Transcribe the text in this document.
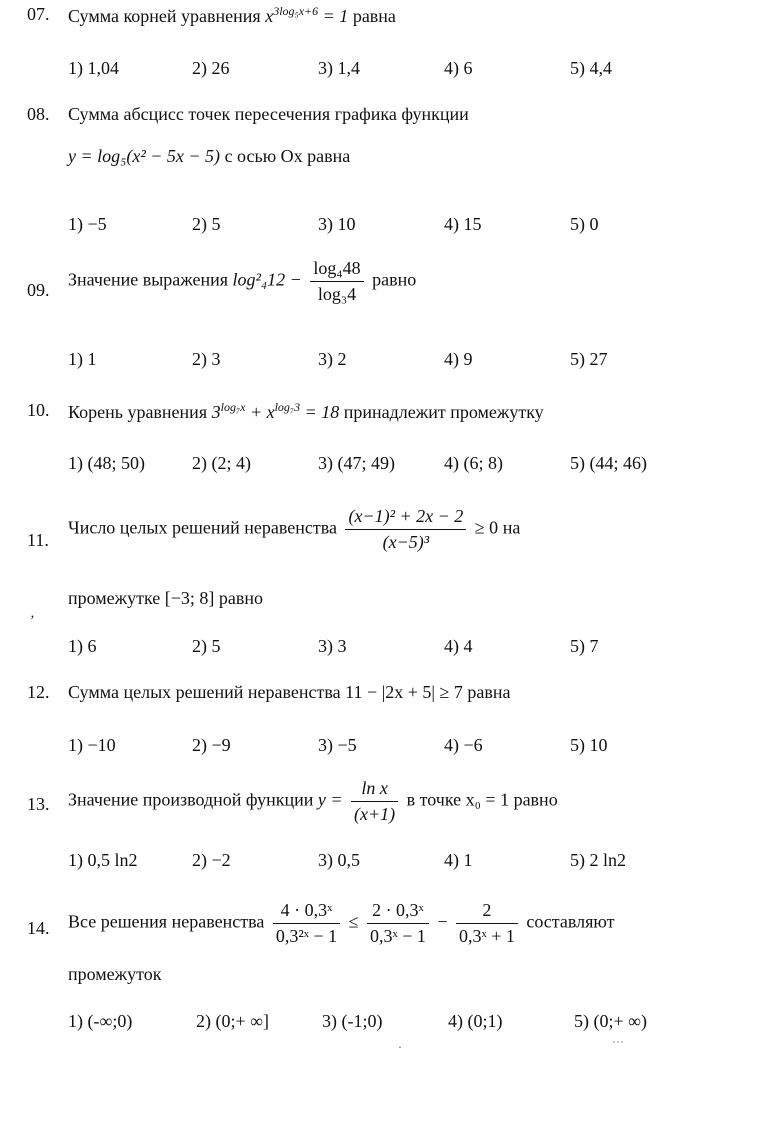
07. Сумма корней уравнения $x^{3log_5x+6} = 1$ равна
1) 1,04	2) 26	3) 1,4	4) 6	5) 4,4
08. Сумма абсцисс точек пересечения графика функции
y = log₅(x² − 5x − 5) с осью Ох равна
1) −5	2) 5	3) 10	4) 15	5) 0
09.
Значение выражения $\log^2_412 - \frac{\text{log₄48}}{\text{log₃4}}$ равно
1) 1	2) 3	3) 2	4) 9	5) 27
10. Корень уравнения $3^{log_7x} + x^{log_73} = 18$ принадлежит промежутку
1) (48; 50)	2) (2; 4)	3) (47; 49)	4) (6; 8)	5) (44; 46)
11.
Число целых решений неравенства $\frac{\text{(x−1)² + 2x − 2}}{\text{(x−5)³}} \ge 0$ на
промежутке [−3; 8] равно
‚
1) 6	2) 5	3) 3	4) 4	5) 7
12. Сумма целых решений неравенства 11 − |2x + 5| ≥ 7 равна
1) −10	2) −9	3) −5	4) −6	5) 10
13. Значение производной функции $y = \frac{\text{ln x}}{(x+1)}$ в точке x₀ = 1 равно
1) 0,5 ln2	2) −2	3) 0,5	4) 1	5) 2 ln2
14. Все решения неравенства $\frac{\text{4 · 0,3ˣ}}{\text{0,3²ˣ − 1}} \le \frac{\text{2 · 0,3ˣ}}{\text{0,3ˣ − 1}} - \frac{2}{\text{0,3ˣ + 1}}$ составляют
промежуток
1) (-∞;0)	2) (0;+ ∞]	3) (-1;0)	4) (0;1)	5) (0;+ ∞)
·	˙˙˙
